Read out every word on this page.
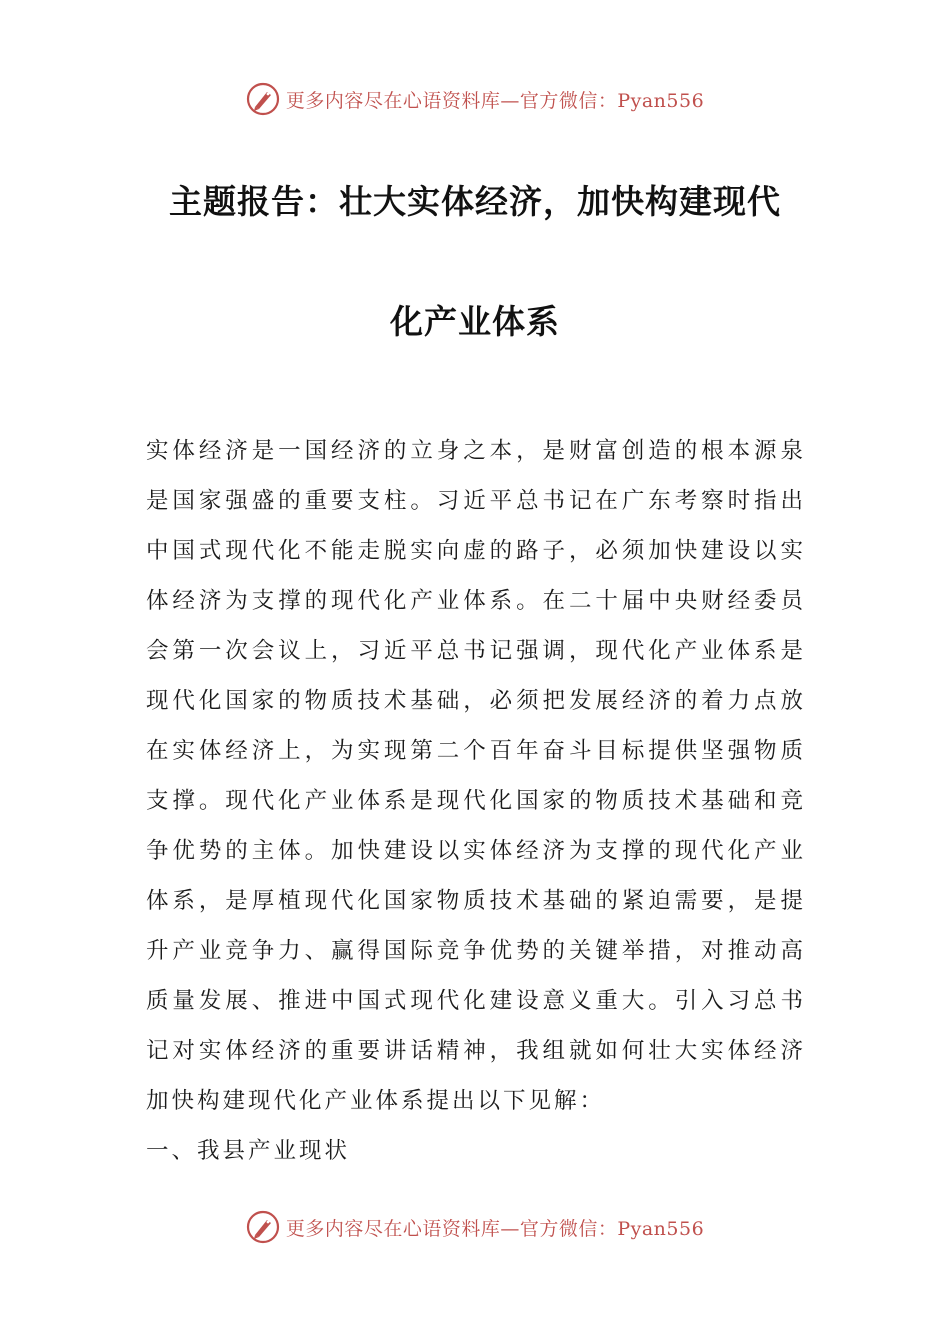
更多内容尽在心语资料库—官方微信：Pyan556
主题报告：壮大实体经济，加快构建现代
化产业体系

实体经济是一国经济的立身之本，是财富创造的根本源泉是国家强盛的重要支柱。习近平总书记在广东考察时指出中国式现代化不能走脱实向虚的路子，必须加快建设以实体经济为支撑的现代化产业体系。在二十届中央财经委员会第一次会议上，习近平总书记强调，现代化产业体系是现代化国家的物质技术基础，必须把发展经济的着力点放在实体经济上，为实现第二个百年奋斗目标提供坚强物质支撑。现代化产业体系是现代化国家的物质技术基础和竞争优势的主体。加快建设以实体经济为支撑的现代化产业体系，是厚植现代化国家物质技术基础的紧迫需要，是提升产业竞争力、赢得国际竞争优势的关键举措，对推动高质量发展、推进中国式现代化建设意义重大。引入习总书记对实体经济的重要讲话精神，我组就如何壮大实体经济加快构建现代化产业体系提出以下见解：

一、我县产业现状

更多内容尽在心语资料库—官方微信：Pyan556
